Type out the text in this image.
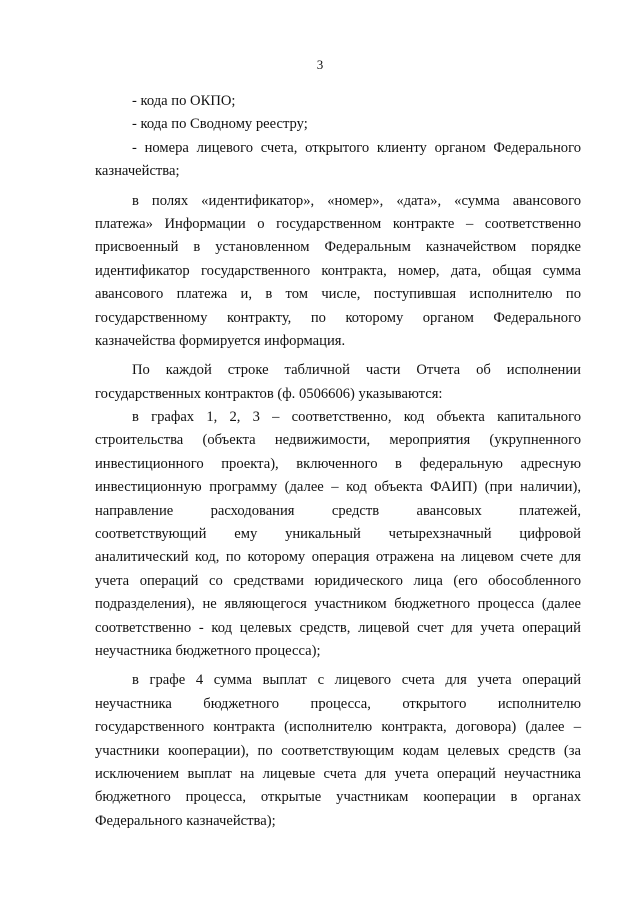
3
- кода по ОКПО;
- кода по Сводному реестру;
- номера лицевого счета, открытого клиенту органом Федерального
казначейства;
в полях «идентификатор», «номер», «дата», «сумма авансового
платежа» Информации о государственном контракте – соответственно
присвоенный в установленном Федеральным казначейством порядке
идентификатор государственного контракта, номер, дата, общая сумма
авансового платежа и, в том числе, поступившая исполнителю по
государственному контракту, по которому органом Федерального
казначейства формируется информация.
По каждой строке табличной части Отчета об исполнении
государственных контрактов (ф. 0506606) указываются:
в графах 1, 2, 3 – соответственно, код объекта капитального
строительства (объекта недвижимости, мероприятия (укрупненного
инвестиционного проекта), включенного в федеральную адресную
инвестиционную программу (далее – код объекта ФАИП) (при наличии),
направление расходования средств авансовых платежей,
соответствующий ему уникальный четырехзначный цифровой
аналитический код, по которому операция отражена на лицевом счете для
учета операций со средствами юридического лица (его обособленного
подразделения), не являющегося участником бюджетного процесса (далее
соответственно - код целевых средств, лицевой счет для учета операций
неучастника бюджетного процесса);
в графе 4 сумма выплат с лицевого счета для учета операций
неучастника бюджетного процесса, открытого исполнителю
государственного контракта (исполнителю контракта, договора) (далее –
участники кооперации), по соответствующим кодам целевых средств (за
исключением выплат на лицевые счета для учета операций неучастника
бюджетного процесса, открытые участникам кооперации в органах
Федерального казначейства);
